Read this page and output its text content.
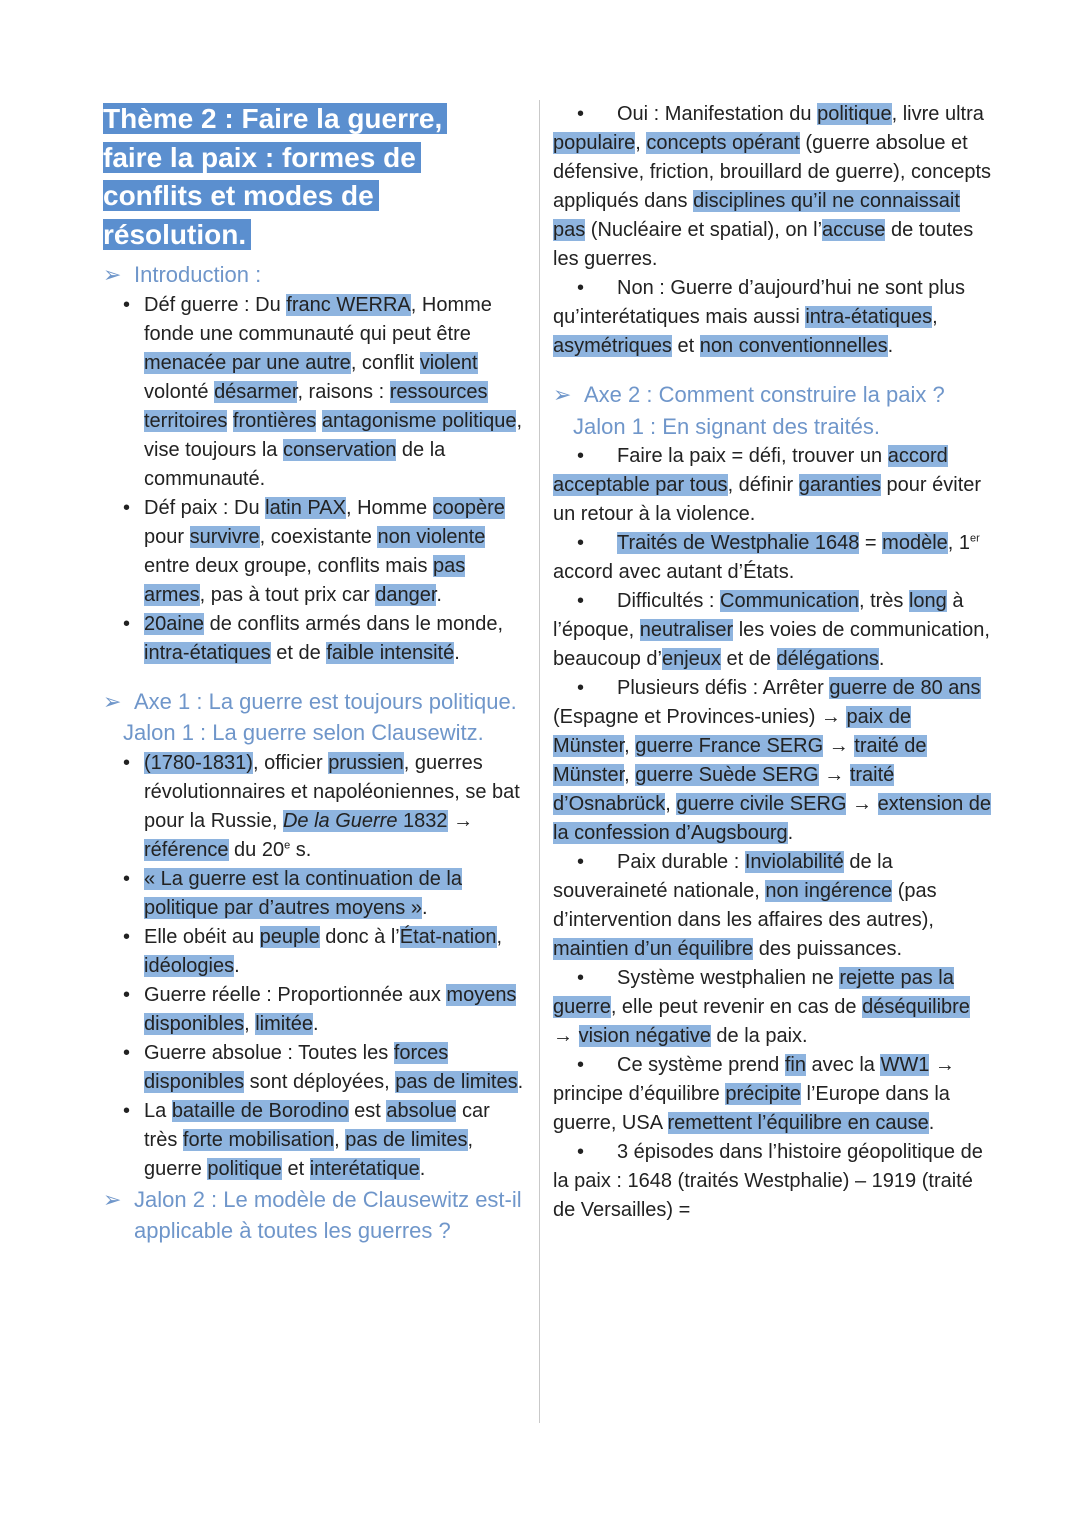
Thème 2 : Faire la guerre,
faire la paix : formes de
conflits et modes de
résolution.
➢ Introduction :
• Déf guerre : Du franc WERRA, Homme fonde une communauté qui peut être menacée par une autre, conflit violent volonté désarmer, raisons : ressources territoires frontières antagonisme politique, vise toujours la conservation de la communauté.
• Déf paix : Du latin PAX, Homme coopère pour survivre, coexistante non violente entre deux groupe, conflits mais pas armes, pas à tout prix car danger.
• 20aine de conflits armés dans le monde, intra-étatiques et de faible intensité.
➢ Axe 1 : La guerre est toujours politique.
Jalon 1 : La guerre selon Clausewitz.
• (1780-1831), officier prussien, guerres révolutionnaires et napoléoniennes, se bat pour la Russie, De la Guerre 1832 → référence du 20e s.
• « La guerre est la continuation de la politique par d’autres moyens ».
• Elle obéit au peuple donc à l’État-nation, idéologies.
• Guerre réelle : Proportionnée aux moyens disponibles, limitée.
• Guerre absolue : Toutes les forces disponibles sont déployées, pas de limites.
• La bataille de Borodino est absolue car très forte mobilisation, pas de limites, guerre politique et interétatique.
➢ Jalon 2 : Le modèle de Clausewitz est-il applicable à toutes les guerres ?

• Oui : Manifestation du politique, livre ultra populaire, concepts opérant (guerre absolue et défensive, friction, brouillard de guerre), concepts appliqués dans disciplines qu’il ne connaissait pas (Nucléaire et spatial), on l’accuse de toutes les guerres.

• Non : Guerre d’aujourd’hui ne sont plus qu’interétatiques mais aussi intra-étatiques, asymétriques et non conventionnelles.

➢ Axe 2 : Comment construire la paix ?
Jalon 1 : En signant des traités.

• Faire la paix = défi, trouver un accord acceptable par tous, définir garanties pour éviter un retour à la violence.

• Traités de Westphalie 1648 = modèle, 1er accord avec autant d’États.

• Difficultés : Communication, très long à l’époque, neutraliser les voies de communication, beaucoup d’enjeux et de délégations.

• Plusieurs défis : Arrêter guerre de 80 ans (Espagne et Provinces-unies) → paix de Münster, guerre France SERG → traité de Münster, guerre Suède SERG → traité d’Osnabrück, guerre civile SERG → extension de la confession d’Augsbourg.

• Paix durable : Inviolabilité de la souveraineté nationale, non ingérence (pas d’intervention dans les affaires des autres), maintien d’un équilibre des puissances.

• Système westphalien ne rejette pas la guerre, elle peut revenir en cas de déséquilibre → vision négative de la paix.

• Ce système prend fin avec la WW1 → principe d’équilibre précipite l’Europe dans la guerre, USA remettent l’équilibre en cause.

• 3 épisodes dans l’histoire géopolitique de la paix : 1648 (traités Westphalie) – 1919 (traité de Versailles) =
